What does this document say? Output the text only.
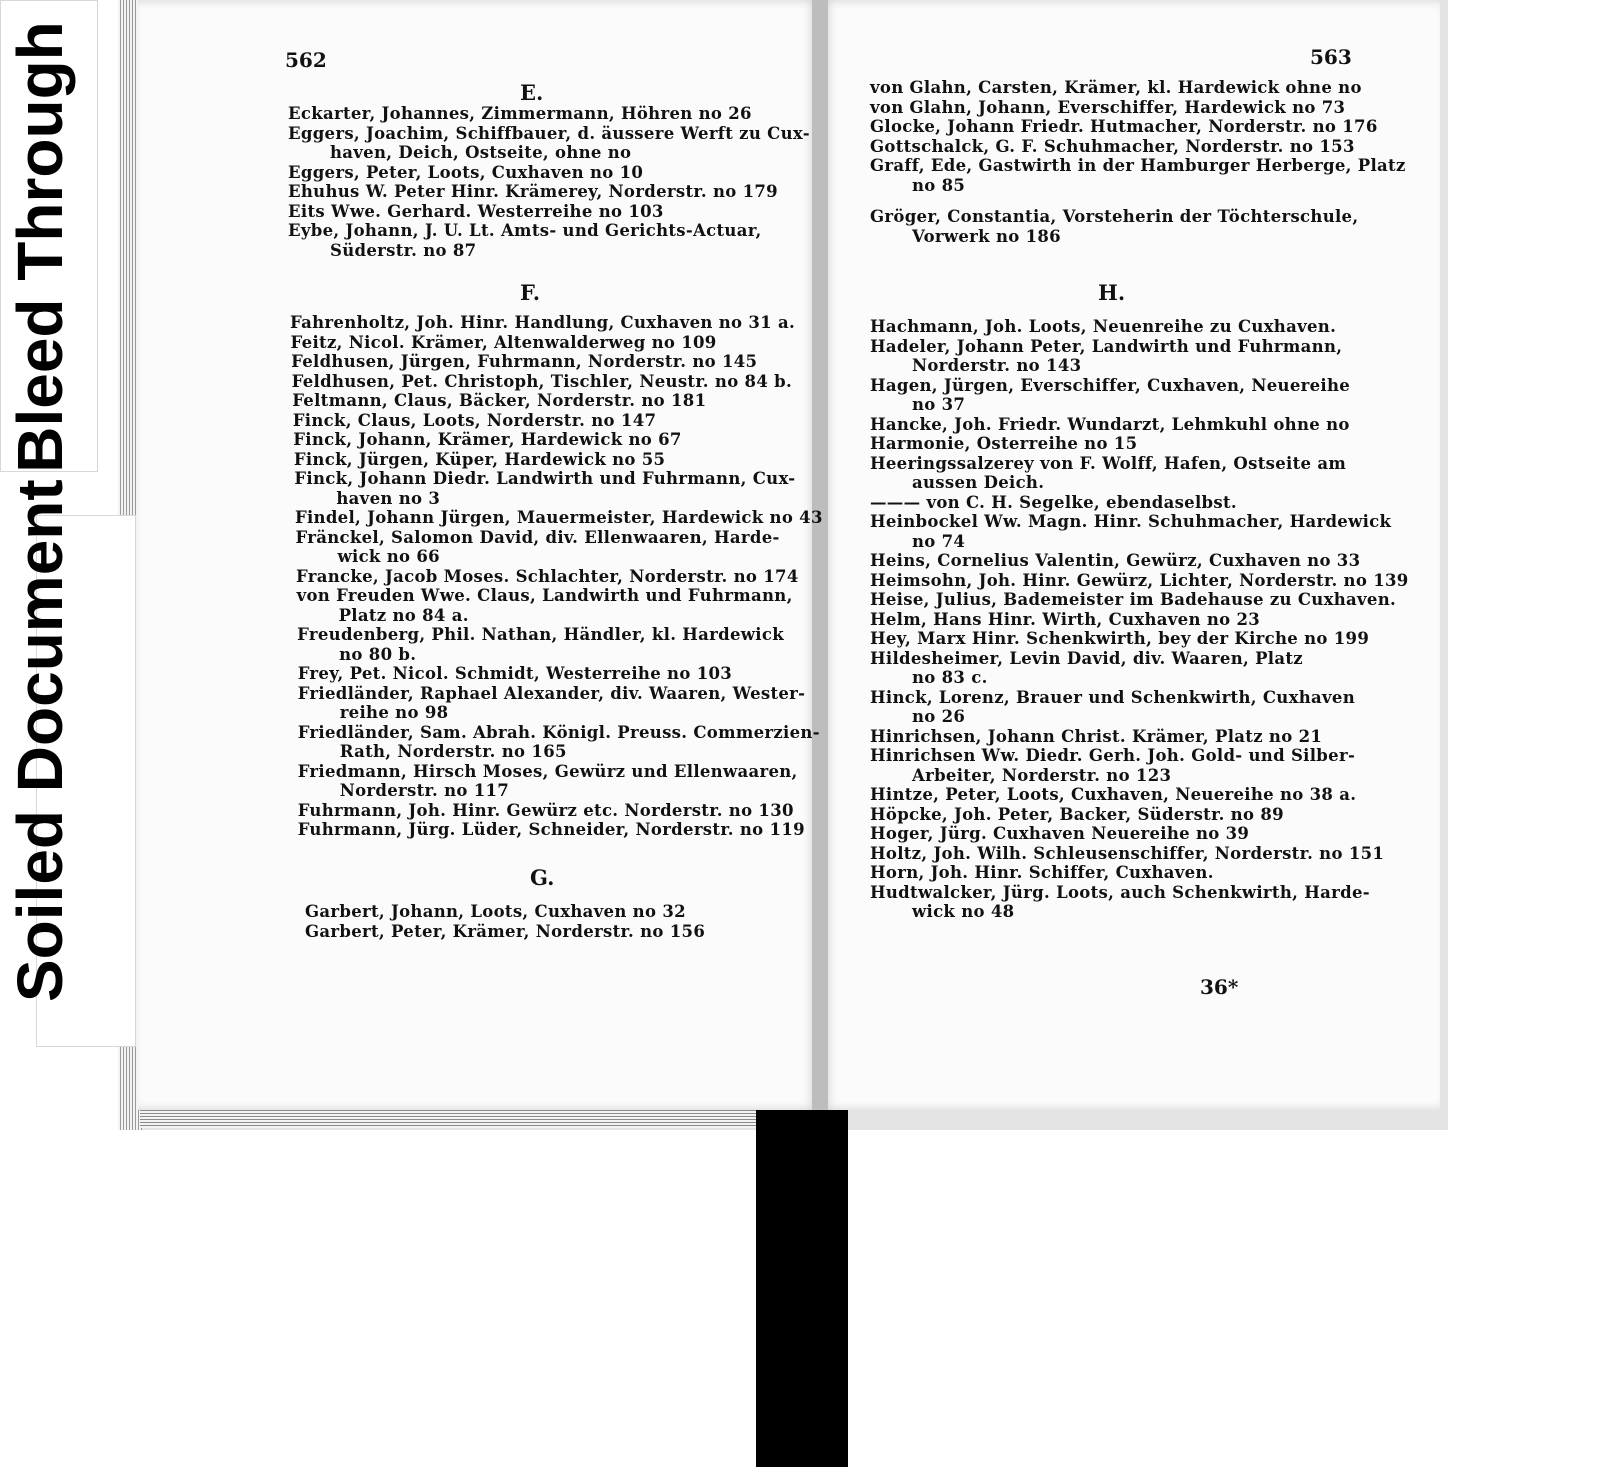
Bleed Through
Soiled Document
562
E.
Eckarter, Johannes, Zimmermann, Höhren no 26
Eggers, Joachim, Schiffbauer, d. äussere Werft zu Cux-
haven, Deich, Ostseite, ohne no
Eggers, Peter, Loots, Cuxhaven no 10
Ehuhus W. Peter Hinr. Krämerey, Norderstr. no 179
Eits Wwe. Gerhard. Westerreihe no 103
Eybe, Johann, J. U. Lt. Amts- und Gerichts-Actuar,
Süderstr. no 87
F.
Fahrenholtz, Joh. Hinr. Handlung, Cuxhaven no 31 a.
Feitz, Nicol. Krämer, Altenwalderweg no 109
Feldhusen, Jürgen, Fuhrmann, Norderstr. no 145
Feldhusen, Pet. Christoph, Tischler, Neustr. no 84 b.
Feltmann, Claus, Bäcker, Norderstr. no 181
Finck, Claus, Loots, Norderstr. no 147
Finck, Johann, Krämer, Hardewick no 67
Finck, Jürgen, Küper, Hardewick no 55
Finck, Johann Diedr. Landwirth und Fuhrmann, Cux-
haven no 3
Findel, Johann Jürgen, Mauermeister, Hardewick no 43
Fränckel, Salomon David, div. Ellenwaaren, Harde-
wick no 66
Francke, Jacob Moses. Schlachter, Norderstr. no 174
von Freuden Wwe. Claus, Landwirth und Fuhrmann,
Platz no 84 a.
Freudenberg, Phil. Nathan, Händler, kl. Hardewick
no 80 b.
Frey, Pet. Nicol. Schmidt, Westerreihe no 103
Friedländer, Raphael Alexander, div. Waaren, Wester-
reihe no 98
Friedländer, Sam. Abrah. Königl. Preuss. Commerzien-
Rath, Norderstr. no 165
Friedmann, Hirsch Moses, Gewürz und Ellenwaaren,
Norderstr. no 117
Fuhrmann, Joh. Hinr. Gewürz etc. Norderstr. no 130
Fuhrmann, Jürg. Lüder, Schneider, Norderstr. no 119
G.
Garbert, Johann, Loots, Cuxhaven no 32
Garbert, Peter, Krämer, Norderstr. no 156
563
von Glahn, Carsten, Krämer, kl. Hardewick ohne no
von Glahn, Johann, Everschiffer, Hardewick no 73
Glocke, Johann Friedr. Hutmacher, Norderstr. no 176
Gottschalck, G. F. Schuhmacher, Norderstr. no 153
Graff, Ede, Gastwirth in der Hamburger Herberge, Platz
no 85
Gröger, Constantia, Vorsteherin der Töchterschule,
Vorwerk no 186
H.
Hachmann, Joh. Loots, Neuenreihe zu Cuxhaven.
Hadeler, Johann Peter, Landwirth und Fuhrmann,
Norderstr. no 143
Hagen, Jürgen, Everschiffer, Cuxhaven, Neuereihe
no 37
Hancke, Joh. Friedr. Wundarzt, Lehmkuhl ohne no
Harmonie, Osterreihe no 15
Heeringssalzerey von F. Wolff, Hafen, Ostseite am
aussen Deich.
——— von C. H. Segelke, ebendaselbst.
Heinbockel Ww. Magn. Hinr. Schuhmacher, Hardewick
no 74
Heins, Cornelius Valentin, Gewürz, Cuxhaven no 33
Heimsohn, Joh. Hinr. Gewürz, Lichter, Norderstr. no 139
Heise, Julius, Bademeister im Badehause zu Cuxhaven.
Helm, Hans Hinr. Wirth, Cuxhaven no 23
Hey, Marx Hinr. Schenkwirth, bey der Kirche no 199
Hildesheimer, Levin David, div. Waaren, Platz
no 83 c.
Hinck, Lorenz, Brauer und Schenkwirth, Cuxhaven
no 26
Hinrichsen, Johann Christ. Krämer, Platz no 21
Hinrichsen Ww. Diedr. Gerh. Joh. Gold- und Silber-
Arbeiter, Norderstr. no 123
Hintze, Peter, Loots, Cuxhaven, Neuereihe no 38 a.
Höpcke, Joh. Peter, Backer, Süderstr. no 89
Hoger, Jürg. Cuxhaven Neuereihe no 39
Holtz, Joh. Wilh. Schleusenschiffer, Norderstr. no 151
Horn, Joh. Hinr. Schiffer, Cuxhaven.
Hudtwalcker, Jürg. Loots, auch Schenkwirth, Harde-
wick no 48
36*
